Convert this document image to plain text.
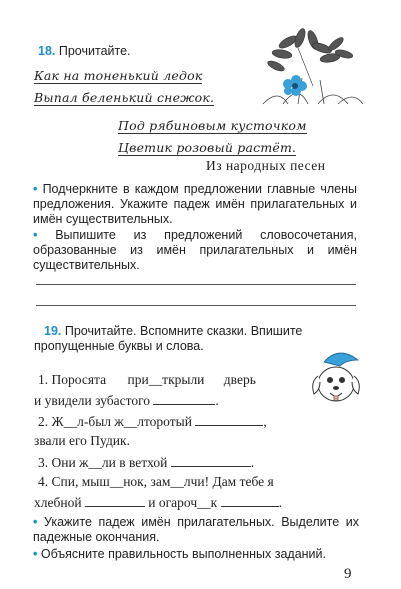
18. Прочитайте.
Как на тоненький ледок
Выпал беленький снежок.
Под рябиновым кусточком
Цветик розовый растёт.
Из народных песен
• Подчеркните в каждом предложении главные члены предложения. Укажите падеж имён прилагательных и имён существительных.
• Выпишите из предложений словосочетания, образованные из имён прилагательных и имён существительных.
19. Прочитайте. Вспомните сказки. Впишите пропущенные буквы и слова.
1. Поросята при__ткрыли дверь
и увидели зубастого	.
2. Ж__л-был ж__лторотый	,
звали его Пудик.
3. Они ж__ли в ветхой	.
4. Спи, мыш__нок, зам__лчи! Дам тебе я
хлебной	и огароч__к	.
• Укажите падеж имён прилагательных. Выделите их падежные окончания.
• Объясните правильность выполненных заданий.
9
